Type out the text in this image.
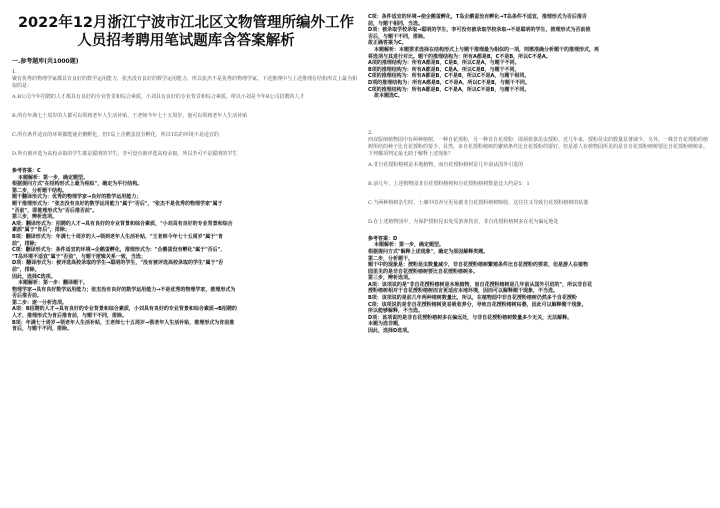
2022年12月浙江宁波市江北区文物管理所编外工作人员招考聘用笔试题库含答案解析

一.参考题库(共1000题)

1.

聚有优秀的物理学家都具有良好的数学运用能力，张杰没有良好的数学运用能力，所以张杰不是优秀的物理学家。下述推理中与上述推理在结构形式上最为相似的是：

A.B公司今年招聘的人才都具有良好的专业背景和综合素质，小刘具有良好的专业背景和综合素质，所以小刘是今年B公司招聘的人才

B.所有年满七十周岁的人都可以领到老年人生活补贴，王老师今年七十五周岁，他可以领到老年人生活补贴

C.所有条件适宜的环境都能使企鹅孵化，但T岛上企鹅蛋没有孵化，所以T岛的环境不是适宜的

D.所有被评选为高校录取的学生都是聪明的学生，李可没有被评选高校录取，所以李可不是聪明的学生

参考答案：C

本题解析：第一步，确定题型。

根据提问方式"在结构形式上最为相似"，确定为平行结构。

第二步，分析题干结构。

题干翻译形式为：优秀的物理学家→良好的数学运用能力；

题干推理形式为："张杰没有良好的数学运用能力"属于"否后"，"张杰不是优秀的物理学家"属于

"否前"，即推理形式为"否后推否前"。

第三步，辨析选项。

A项：翻译形式为：招聘的人才→具有良好的专业背景和综合素质，"小刘具有良好的专业背景和综合

素质"属于"肯后"，排除；

B项：翻译形式为：年满七十周岁的人→领到老年人生活补贴，"王老师今年七十五周岁"属于"肯

前"，排除；

C项：翻译形式为：条件适宜的环境→企鹅蛋孵化，推理形式为："企鹅蛋没有孵化"属于"否后"，

"T岛环境不适宜"属于"否前"，与题干逻辑关系一致，当选；

D项：翻译形式为：被评选高校录取的学生→聪明的学生，"没有被评选高校录取的学生"属于"否

前"，排除。

因此，选择C选项。

本题解析：第一步：翻译题干。

物理学家→具有良好数学运用能力；张杰没有良好的数学运用能力→不是优秀的物理学家，推理形式为

否后推否前。

第二步：逐一分析选项。

A项：B招聘的人才→具有良好的专业背景和综合素质，小刘具有良好的专业背景和综合素质→B招聘的

人才，推理形式为肯后推肯前，与题干不同，排除。

B项：年满七十周岁→领老年人生活补贴，王老师七十五周岁→领老年人生活补贴，推理形式为肯前推

肯后，与题干不同，排除。

C项：条件适宜的环境→使企鹅蛋孵化，T岛企鹅蛋没有孵化→T岛条件不适宜，推理形式为否后推否

前，与题干相同，当选。

D项：被录取学校录取→聪明的学生，李可没有被录取学校录取→不是聪明的学生，推理形式为否前推

否后，与题干不同，排除。

故正确答案为C。

本题解析：本题要求选择在结构形式上与题干推理最为相似的一项，则需准确分析题干的推理形式，再

将选项与其进行对比。题干的推理结构为：所有A都是B，C不是B，所以C不是A。

A项的推理结构为：所有A都是B，C是B，所以C是A，与题干不同。

B项的推理结构为：所有A都是B，C是A，所以C是B，与题干不同。

C项的推理结构为：所有A都是B，C不是B，所以C不是A，与题干相同。

D项的推理结构为：所有A都是B，C不是A，所以C不是B，与题干不同。

C项的推理结构为：所有A都是B，C不是A，所以C不是B，与题干不同。

故本题选C。

2.

西双版纳植物园中有两种榕树，一种自花授粉，另一种非自花授粉，即须依靠昆虫授粉。近几年来，授粉昆虫的数量显著减少。另外，一株非自花授粉的榕树所结的种子比自花授粉的要少。显然，多自花授粉榕树的繁殖条件比自花授粉的要好。但是游人在植物园所见的是非自花授粉榕树要比自花授粉榕树多。下列哪项判定最无助于解释上述现象？

A.非自花授粉榕树是本地植物，而自花授粉榕树是几年前从国外引进的

B.前几年，上述植物园非自花授粉榕树和自花授粉榕树数量比大约是5：1

C.当两种榕树杂生时，土壤中的养分更易被非自花授粉榕树吸收，这往往又导致自花授粉榕树的枯萎

D.在上述植物园中，为保护授粉昆虫免受游客伤害，非自花授粉榕树多在更为偏远地处

参考答案：D

本题解析：第一步，确定题型。

根据提问方式"解释上述现象"，确定为原因解释类题。

第二步，分析题干。

题干中的现象是：授粉昆虫数量减少，非自花授粉榕树繁殖条件比自花授粉的要差，但是游人在植物

园里见的是非自花授粉榕树要比自花授粉榕树多。

第三步，辨析选项。

A项：该项说的是"非自花授粉榕树是本地植物，而自花授粉榕树是几年前从国外引进的"，所以非自花

授粉榕树相对于自花授粉榕树而言更适应本地环境，因而可以解释题干现象，不当选。

B项：该项说的是前几年两种榕树数量比，所以，在植物园中非自花授粉榕树仍然多于自花授粉

C项：该项说的是非自花授粉榕树更易吸收养分，导致自花授粉榕树枯萎，因此可以解释题干现象，

所以能够解释，不当选。

D项：该项说的是非自花授粉榕树多在偏远处，与非自花授粉榕树数量多少无关，无法解释。

本题为选非题，

因此，选择D选项。
